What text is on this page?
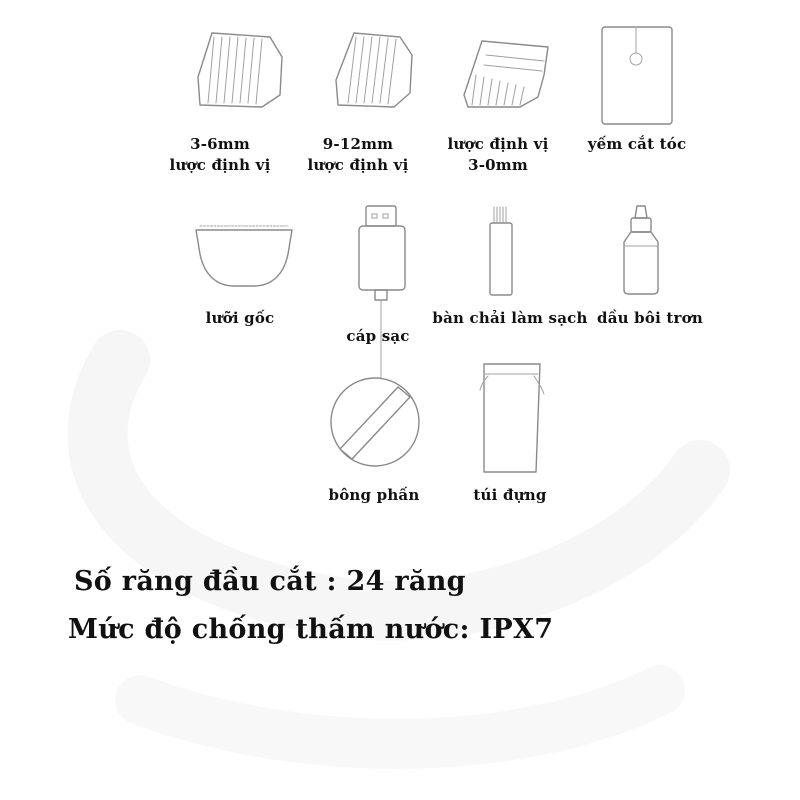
3-6mm
lược định vị
9-12mm
lược định vị
lược định vị
3-0mm
yếm cắt tóc
lưỡi gốc
cáp sạc
bàn chải làm sạch dầu bôi trơn
bông phấn	túi đựng
Số răng đầu cắt : 24 răng
Mức độ chống thấm nước: IPX7
